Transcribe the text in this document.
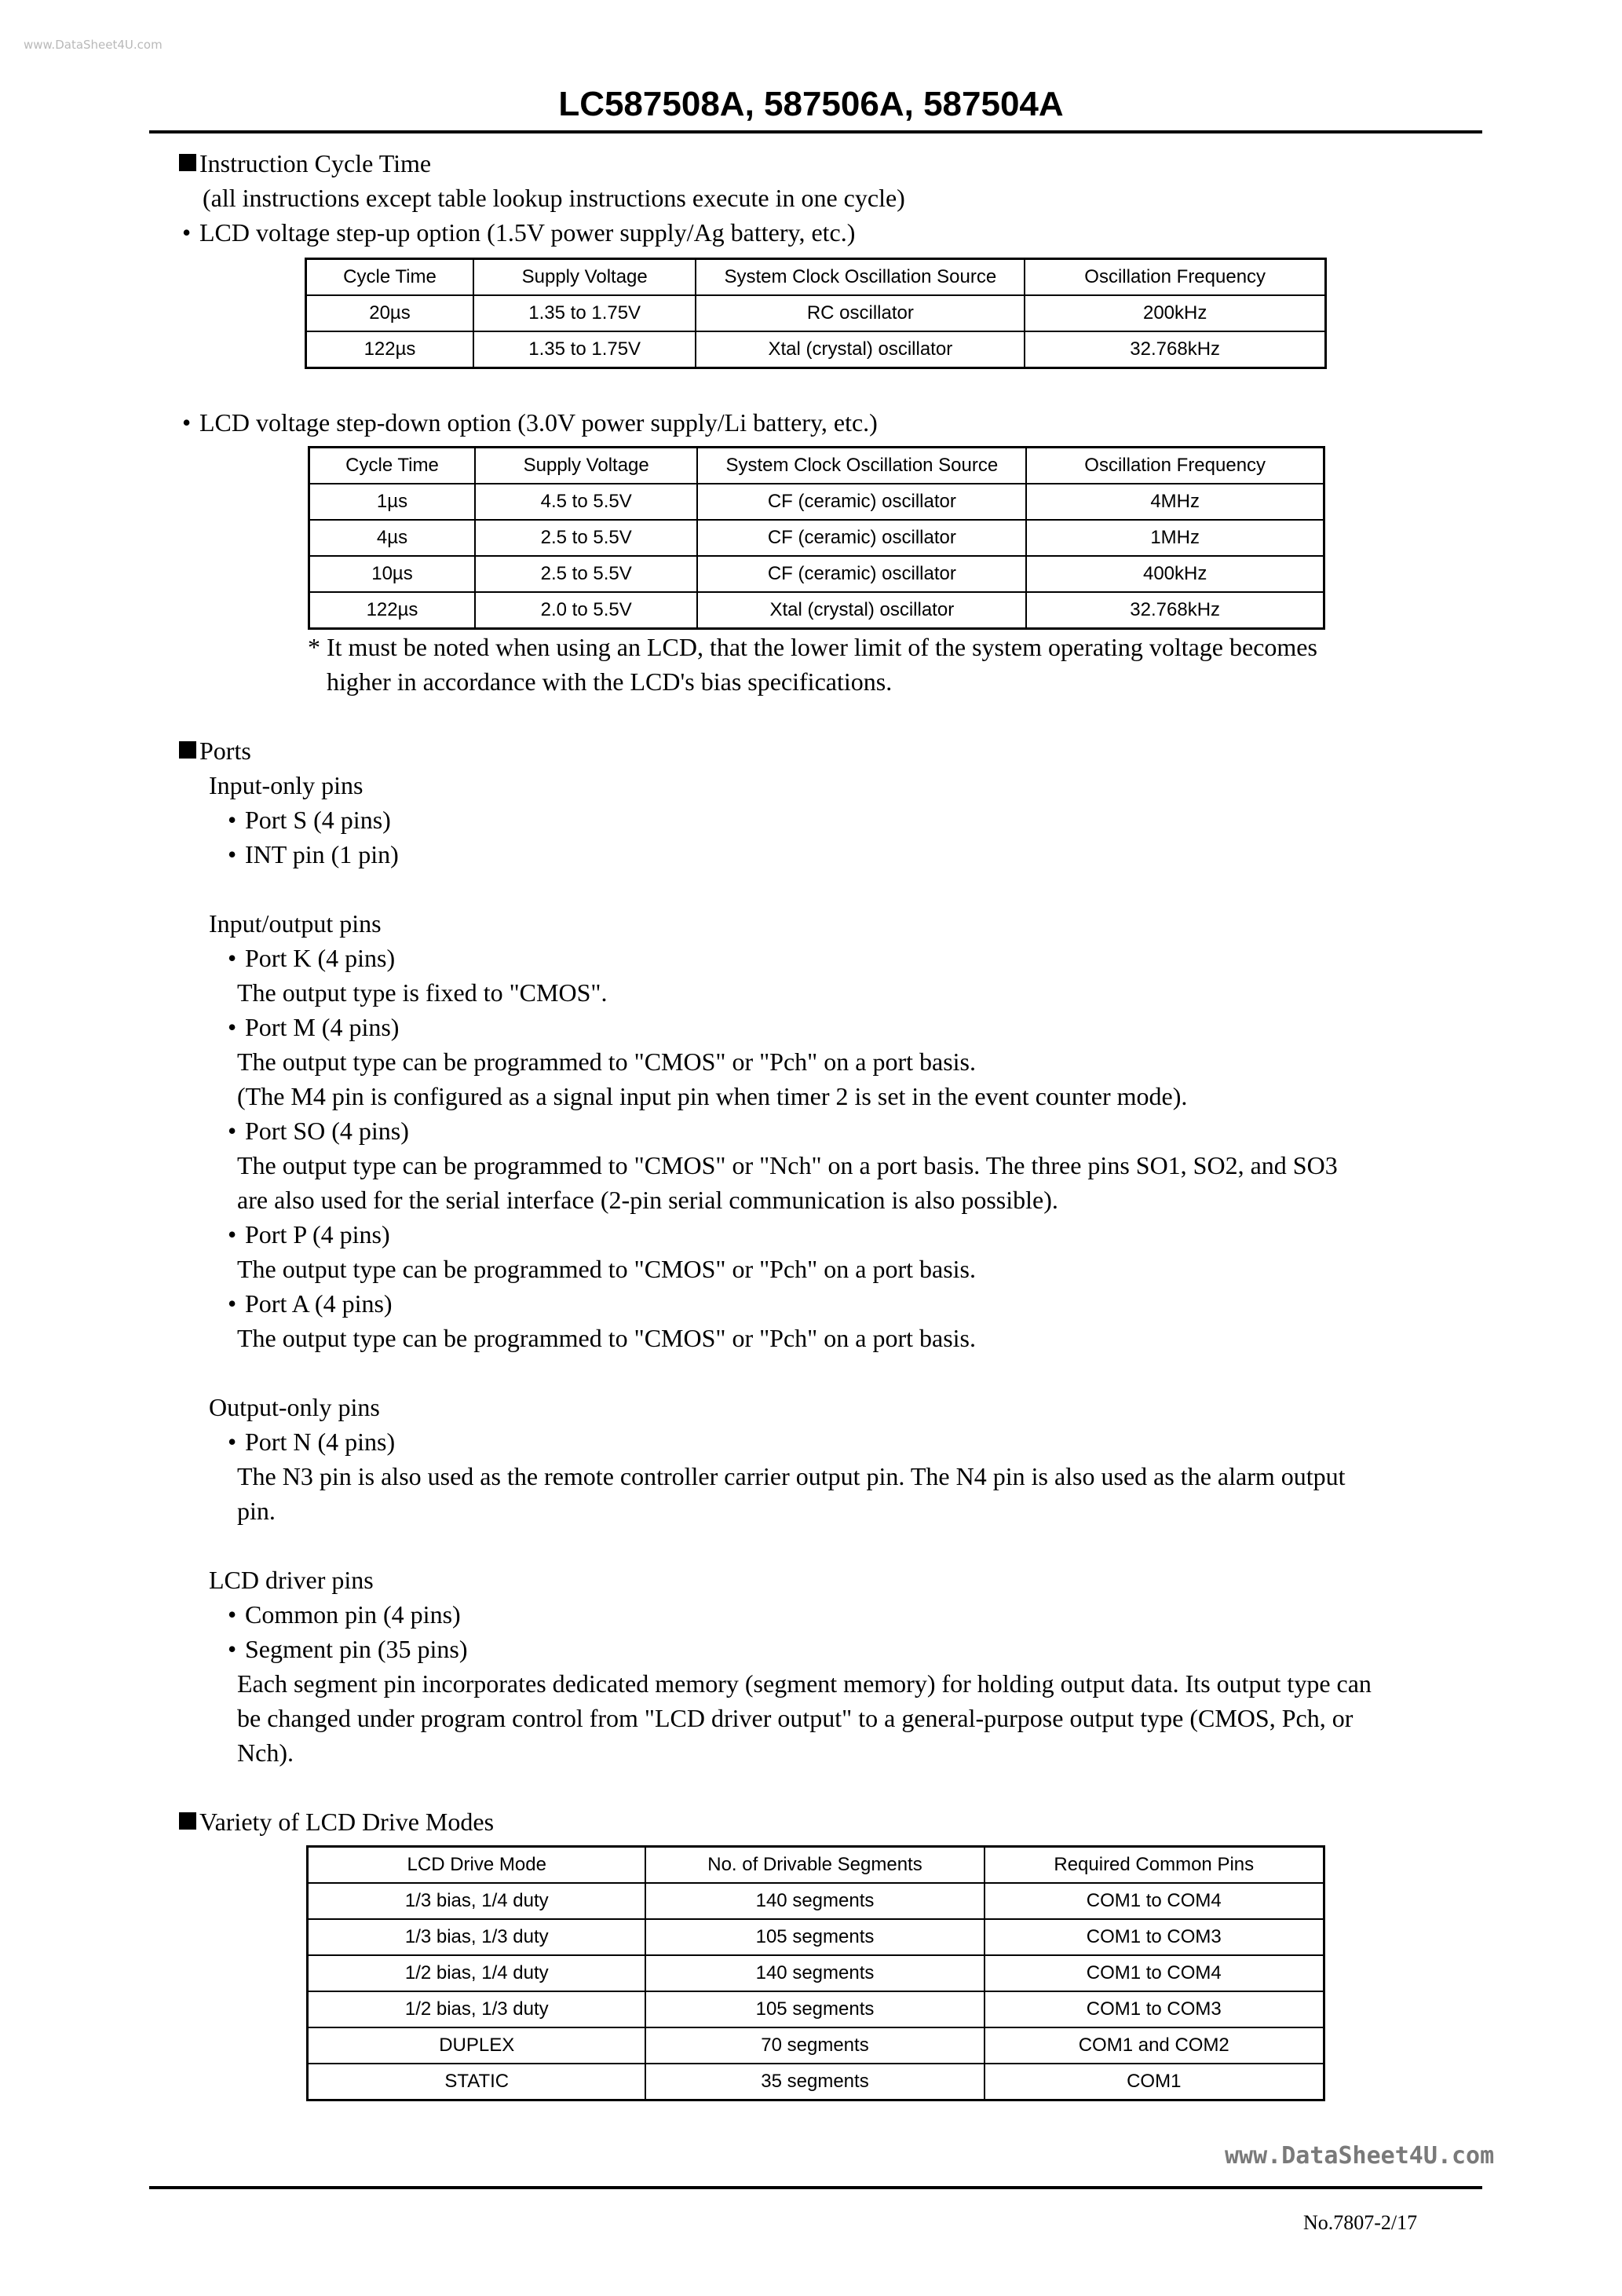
www.DataSheet4U.com
LC587508A, 587506A, 587504A
Instruction Cycle Time
(all instructions except table lookup instructions execute in one cycle)
• LCD voltage step-up option (1.5V power supply/Ag battery, etc.)
Cycle Time	Supply Voltage	System Clock Oscillation Source	Oscillation Frequency
20µs	1.35 to 1.75V	RC oscillator	200kHz
122µs	1.35 to 1.75V	Xtal (crystal) oscillator	32.768kHz
• LCD voltage step-down option (3.0V power supply/Li battery, etc.)
Cycle Time	Supply Voltage	System Clock Oscillation Source	Oscillation Frequency
1µs	4.5 to 5.5V	CF (ceramic) oscillator	4MHz
4µs	2.5 to 5.5V	CF (ceramic) oscillator	1MHz
10µs	2.5 to 5.5V	CF (ceramic) oscillator	400kHz
122µs	2.0 to 5.5V	Xtal (crystal) oscillator	32.768kHz
* It must be noted when using an LCD, that the lower limit of the system operating voltage becomes
higher in accordance with the LCD's bias specifications.
Ports
Input-only pins
• Port S (4 pins)
• INT pin (1 pin)
Input/output pins
• Port K (4 pins)
The output type is fixed to "CMOS".
• Port M (4 pins)
The output type can be programmed to "CMOS" or "Pch" on a port basis.
(The M4 pin is configured as a signal input pin when timer 2 is set in the event counter mode).
• Port SO (4 pins)
The output type can be programmed to "CMOS" or "Nch" on a port basis. The three pins SO1, SO2, and SO3
are also used for the serial interface (2-pin serial communication is also possible).
• Port P (4 pins)
The output type can be programmed to "CMOS" or "Pch" on a port basis.
• Port A (4 pins)
The output type can be programmed to "CMOS" or "Pch" on a port basis.
Output-only pins
• Port N (4 pins)
The N3 pin is also used as the remote controller carrier output pin. The N4 pin is also used as the alarm output
pin.
LCD driver pins
• Common pin (4 pins)
• Segment pin (35 pins)
Each segment pin incorporates dedicated memory (segment memory) for holding output data. Its output type can
be changed under program control from "LCD driver output" to a general-purpose output type (CMOS, Pch, or
Nch).
Variety of LCD Drive Modes
LCD Drive Mode	No. of Drivable Segments	Required Common Pins
1/3 bias, 1/4 duty	140 segments	COM1 to COM4
1/3 bias, 1/3 duty	105 segments	COM1 to COM3
1/2 bias, 1/4 duty	140 segments	COM1 to COM4
1/2 bias, 1/3 duty	105 segments	COM1 to COM3
DUPLEX	70 segments	COM1 and COM2
STATIC	35 segments	COM1
www.DataSheet4U.com
No.7807-2/17
